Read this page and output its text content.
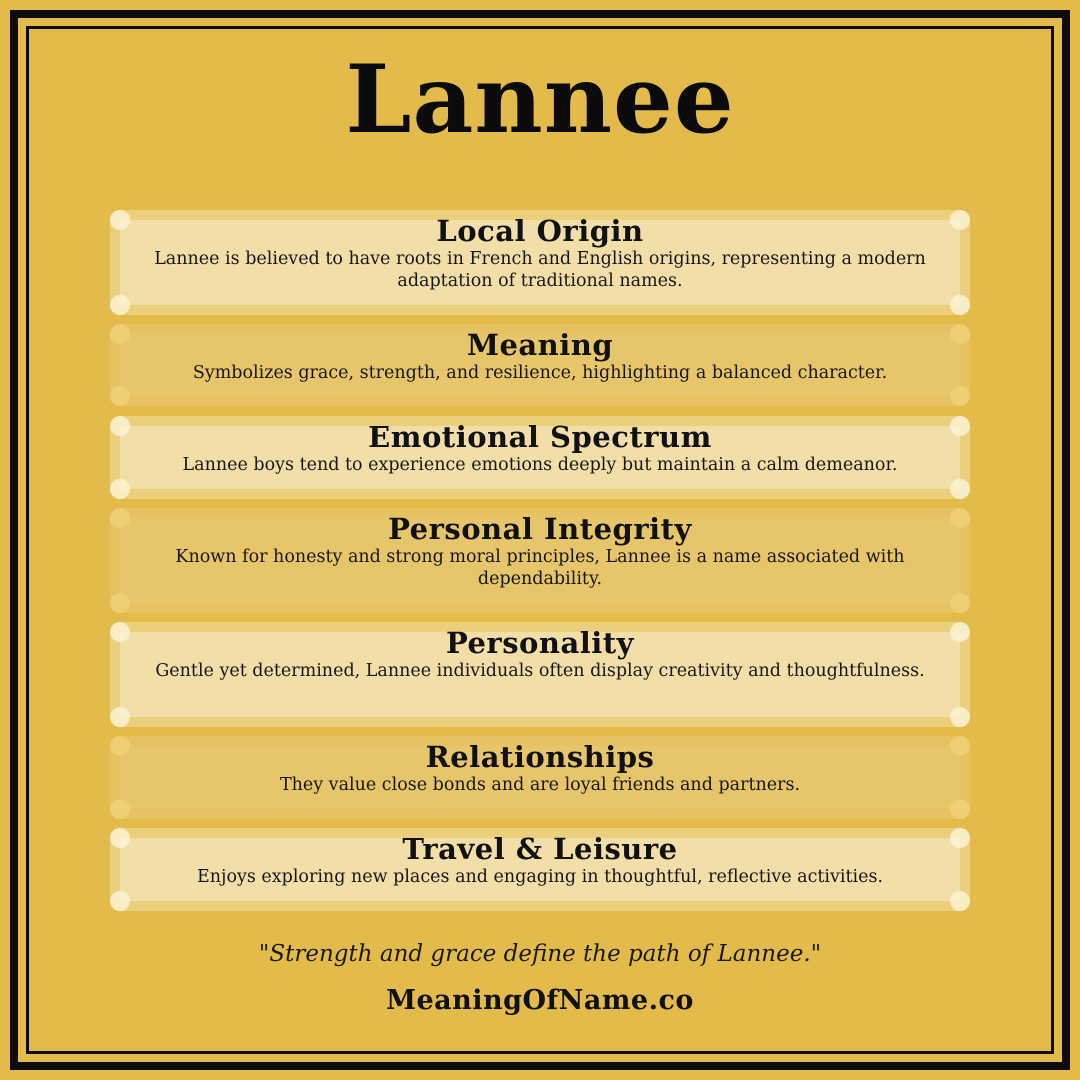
Lannee
Local Origin

Lannee is believed to have roots in French and English origins, representing a modern adaptation of traditional names.

Meaning

Symbolizes grace, strength, and resilience, highlighting a balanced character.

Emotional Spectrum

Lannee boys tend to experience emotions deeply but maintain a calm demeanor.

Personal Integrity

Known for honesty and strong moral principles, Lannee is a name associated with dependability.

Personality

Gentle yet determined, Lannee individuals often display creativity and thoughtfulness.

Relationships

They value close bonds and are loyal friends and partners.

Travel & Leisure

Enjoys exploring new places and engaging in thoughtful, reflective activities.

"Strength and grace define the path of Lannee."
MeaningOfName.co
